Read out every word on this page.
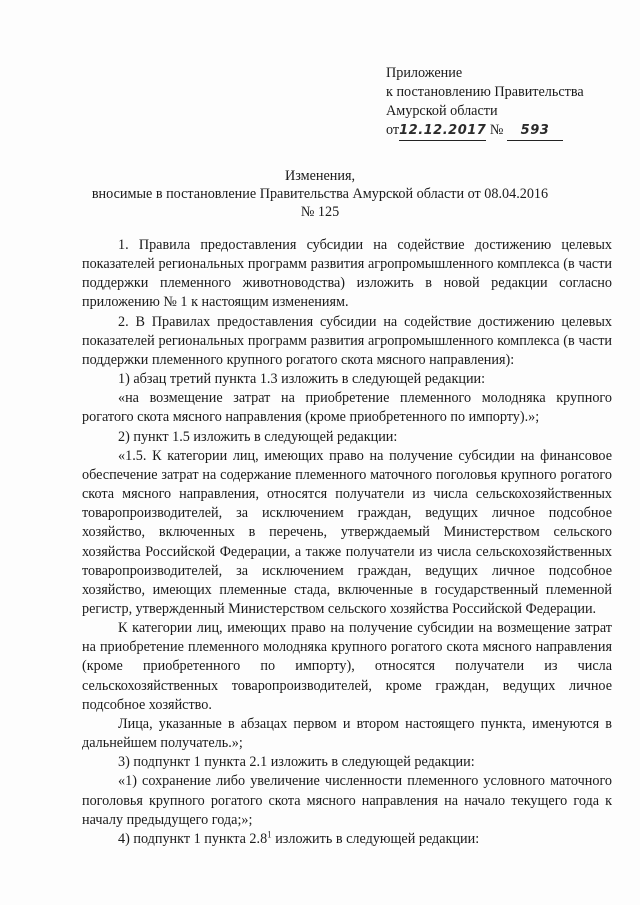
Приложение
к постановлению Правительства
Амурской области
от12.12.2017 № 593
Изменения,
вносимые в постановление Правительства Амурской области от 08.04.2016
№ 125

1. Правила предоставления субсидии на содействие достижению целевых показателей региональных программ развития агропромышленного комплекса (в части поддержки племенного животноводства) изложить в новой редакции согласно приложению № 1 к настоящим изменениям.

2. В Правилах предоставления субсидии на содействие достижению целевых показателей региональных программ развития агропромышленного комплекса (в части поддержки племенного крупного рогатого скота мясного направления):

1) абзац третий пункта 1.3 изложить в следующей редакции:

«на возмещение затрат на приобретение племенного молодняка крупного рогатого скота мясного направления (кроме приобретенного по импорту).»;

2) пункт 1.5 изложить в следующей редакции:

«1.5. К категории лиц, имеющих право на получение субсидии на финансовое обеспечение затрат на содержание племенного маточного поголовья крупного рогатого скота мясного направления, относятся получатели из числа сельскохозяйственных товаропроизводителей, за исключением граждан, ведущих личное подсобное хозяйство, включенных в перечень, утверждаемый Министерством сельского хозяйства Российской Федерации, а также получатели из числа сельскохозяйственных товаропроизводителей, за исключением граждан, ведущих личное подсобное хозяйство, имеющих племенные стада, включенные в государственный племенной регистр, утвержденный Министерством сельского хозяйства Российской Федерации.

К категории лиц, имеющих право на получение субсидии на возмещение затрат на приобретение племенного молодняка крупного рогатого скота мясного направления (кроме приобретенного по импорту), относятся получатели из числа сельскохозяйственных товаропроизводителей, кроме граждан, ведущих личное подсобное хозяйство.

Лица, указанные в абзацах первом и втором настоящего пункта, именуются в дальнейшем получатель.»;

3) подпункт 1 пункта 2.1 изложить в следующей редакции:

«1) сохранение либо увеличение численности племенного условного маточного поголовья крупного рогатого скота мясного направления на начало текущего года к началу предыдущего года;»;

4) подпункт 1 пункта $2.8^1$ изложить в следующей редакции:
